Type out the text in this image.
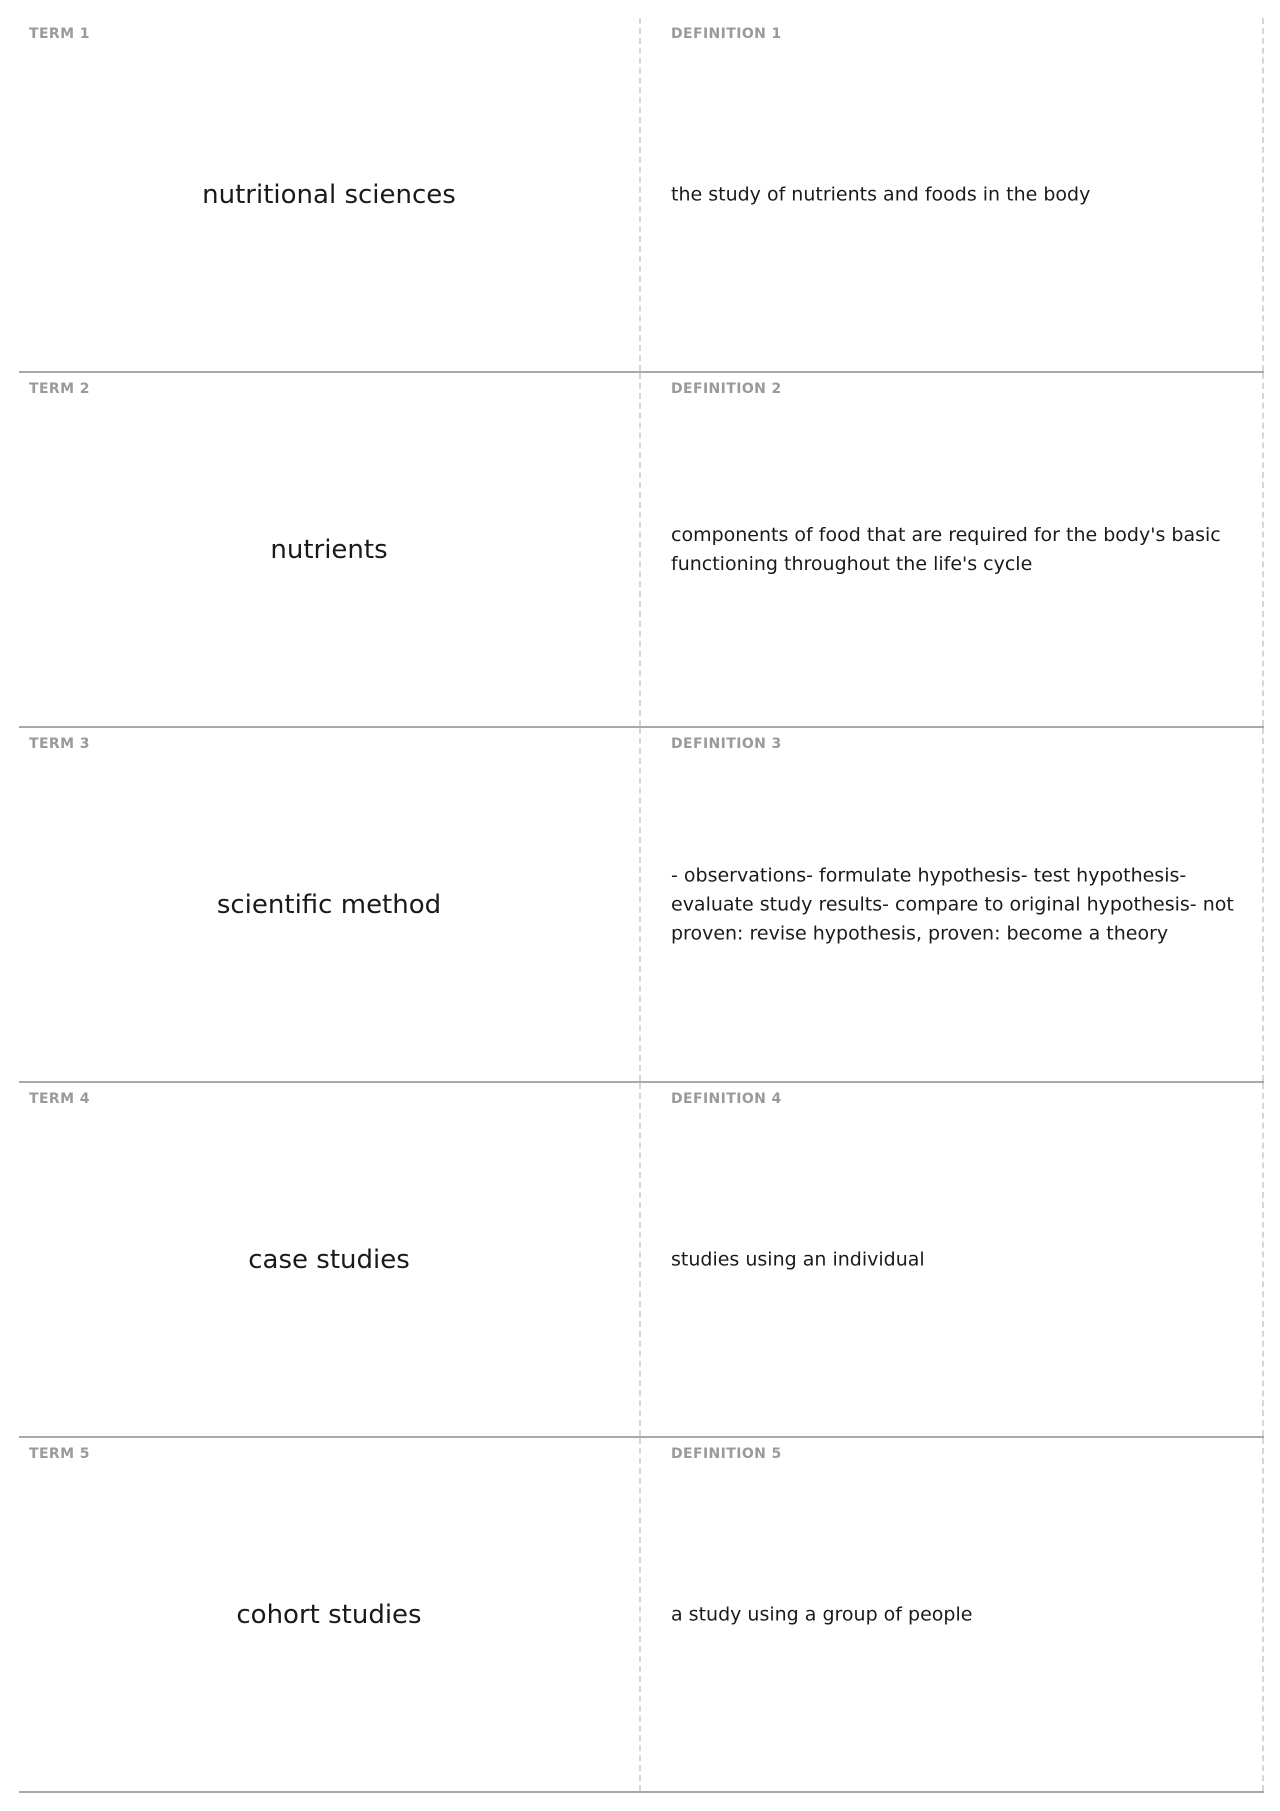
TERM 1
nutritional sciences
DEFINITION 1
the study of nutrients and foods in the body
TERM 2
nutrients
DEFINITION 2
components of food that are required for the body's basic functioning throughout the life's cycle
TERM 3
scientific method
DEFINITION 3
- observations- formulate hypothesis- test hypothesis- evaluate study results- compare to original hypothesis- not proven: revise hypothesis, proven: become a theory
TERM 4
case studies
DEFINITION 4
studies using an individual
TERM 5
cohort studies
DEFINITION 5
a study using a group of people
